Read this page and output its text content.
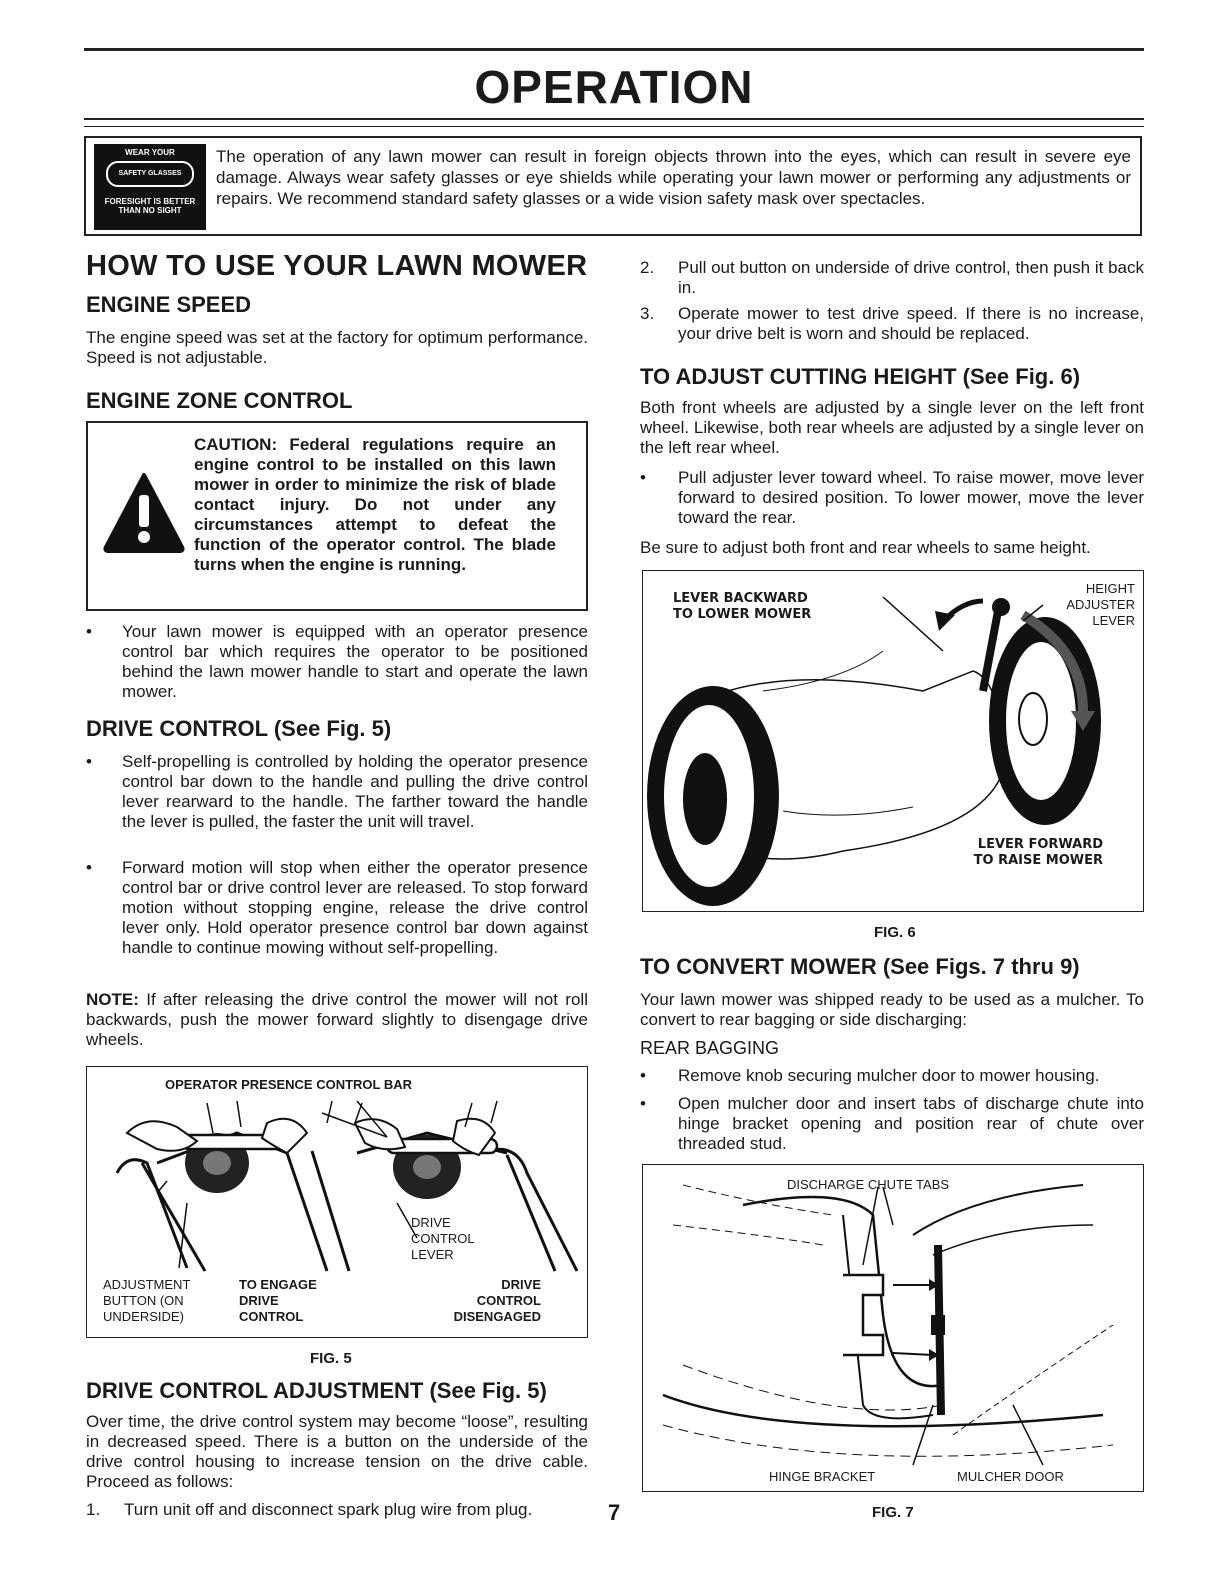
OPERATION
WEAR YOUR
SAFETY GLASSES
FORESIGHT IS BETTER
THAN NO SIGHT
The operation of any lawn mower can result in foreign objects thrown into the eyes, which can result in severe eye damage. Always wear safety glasses or eye shields while operating your lawn mower or performing any adjustments or repairs. We recommend standard safety glasses or a wide vision safety mask over spectacles.
HOW TO USE YOUR LAWN MOWER
ENGINE SPEED
The engine speed was set at the factory for optimum performance. Speed is not adjustable.
ENGINE ZONE CONTROL
CAUTION: Federal regulations require an engine control to be installed on this lawn mower in order to minimize the risk of blade contact injury. Do not under any circumstances attempt to defeat the function of the operator control. The blade turns when the engine is running.
• Your lawn mower is equipped with an operator presence control bar which requires the operator to be positioned behind the lawn mower handle to start and operate the lawn mower.
DRIVE CONTROL (See Fig. 5)
• Self-propelling is controlled by holding the operator presence control bar down to the handle and pulling the drive control lever rearward to the handle. The farther toward the handle the lever is pulled, the faster the unit will travel.
• Forward motion will stop when either the operator presence control bar or drive control lever are released. To stop forward motion without stopping engine, release the drive control lever only. Hold operator presence control bar down against handle to continue mowing without self-propelling.
NOTE: If after releasing the drive control the mower will not roll backwards, push the mower forward slightly to disengage drive wheels.
OPERATOR PRESENCE CONTROL BAR
DRIVE
CONTROL
LEVER
ADJUSTMENT
BUTTON (ON
UNDERSIDE)
TO ENGAGE
DRIVE
CONTROL
DRIVE
CONTROL
DISENGAGED
FIG. 5
DRIVE CONTROL ADJUSTMENT (See Fig. 5)
Over time, the drive control system may become “loose”, resulting in decreased speed. There is a button on the underside of the drive control housing to increase tension on the drive cable. Proceed as follows:
1. Turn unit off and disconnect spark plug wire from plug.	7
2. Pull out button on underside of drive control, then push it back in.
3. Operate mower to test drive speed. If there is no increase, your drive belt is worn and should be replaced.
TO ADJUST CUTTING HEIGHT (See Fig. 6)
Both front wheels are adjusted by a single lever on the left front wheel. Likewise, both rear wheels are adjusted by a single lever on the left rear wheel.
• Pull adjuster lever toward wheel. To raise mower, move lever forward to desired position. To lower mower, move the lever toward the rear.
Be sure to adjust both front and rear wheels to same height.
LEVER BACKWARD
TO LOWER MOWER
HEIGHT
ADJUSTER
LEVER
LEVER FORWARD
TO RAISE MOWER
FIG. 6
TO CONVERT MOWER (See Figs. 7 thru 9)
Your lawn mower was shipped ready to be used as a mulcher. To convert to rear bagging or side discharging:
REAR BAGGING
• Remove knob securing mulcher door to mower housing.
• Open mulcher door and insert tabs of discharge chute into hinge bracket opening and position rear of chute over threaded stud.
DISCHARGE CHUTE TABS
HINGE BRACKET	MULCHER DOOR
FIG. 7
